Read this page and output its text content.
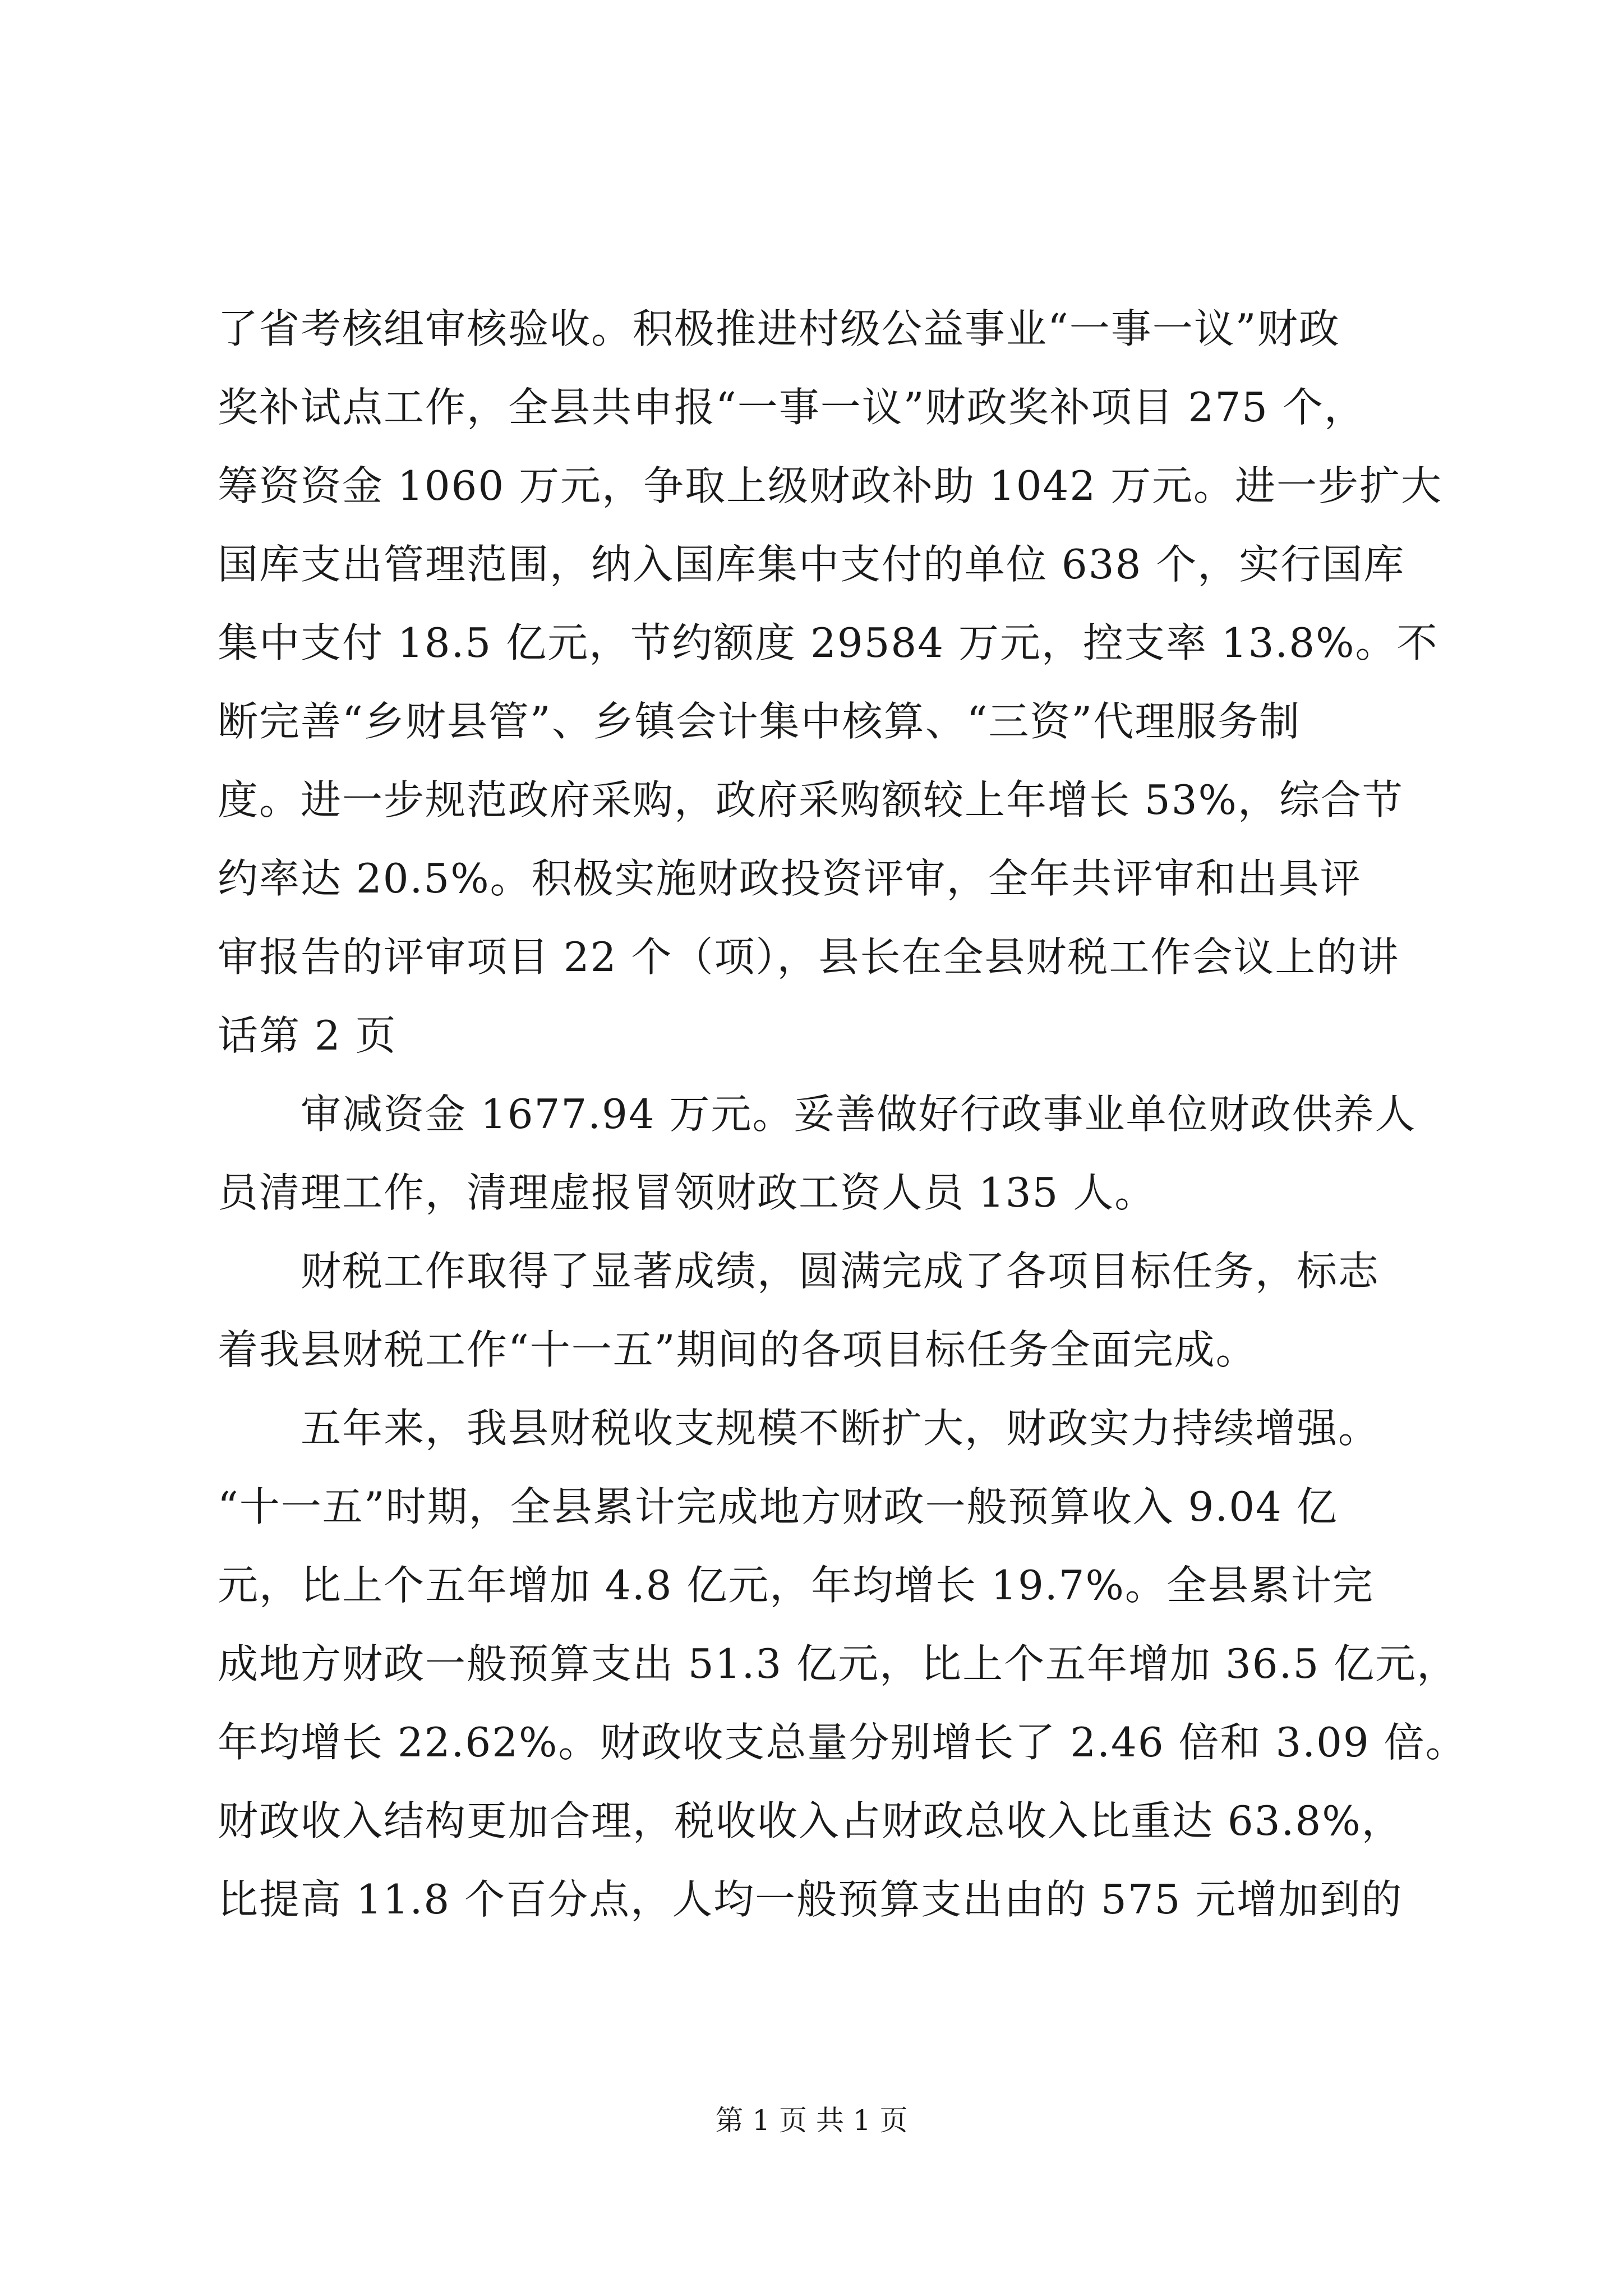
了省考核组审核验收。积极推进村级公益事业“一事一议”财政
奖补试点工作，全县共申报“一事一议”财政奖补项目 275 个，
筹资资金 1060 万元，争取上级财政补助 1042 万元。进一步扩大
国库支出管理范围，纳入国库集中支付的单位 638 个，实行国库
集中支付 18.5 亿元，节约额度 29584 万元，控支率 13.8%。不
断完善“乡财县管”、乡镇会计集中核算、“三资”代理服务制
度。进一步规范政府采购，政府采购额较上年增长 53%，综合节
约率达 20.5%。积极实施财政投资评审，全年共评审和出具评
审报告的评审项目 22 个（项），县长在全县财税工作会议上的讲
话第 2 页
　　审减资金 1677.94 万元。妥善做好行政事业单位财政供养人
员清理工作，清理虚报冒领财政工资人员 135 人。
　　财税工作取得了显著成绩，圆满完成了各项目标任务，标志
着我县财税工作“十一五”期间的各项目标任务全面完成。
　　五年来，我县财税收支规模不断扩大，财政实力持续增强。
“十一五”时期，全县累计完成地方财政一般预算收入 9.04 亿
元，比上个五年增加 4.8 亿元，年均增长 19.7%。全县累计完
成地方财政一般预算支出 51.3 亿元，比上个五年增加 36.5 亿元，
年均增长 22.62%。财政收支总量分别增长了 2.46 倍和 3.09 倍。
财政收入结构更加合理，税收收入占财政总收入比重达 63.8%，
比提高 11.8 个百分点，人均一般预算支出由的 575 元增加到的
第 1 页 共 1 页
